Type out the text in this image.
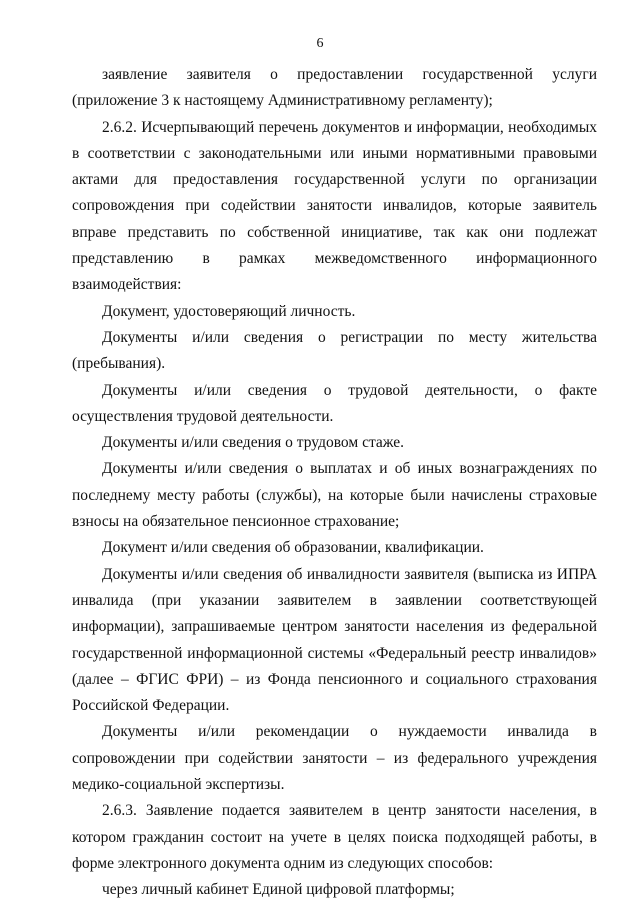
6

заявление заявителя о предоставлении государственной услуги (приложение 3 к настоящему Административному регламенту);

2.6.2. Исчерпывающий перечень документов и информации, необходимых в соответствии с законодательными или иными нормативными правовыми актами для предоставления государственной услуги по организации сопровождения при содействии занятости инвалидов, которые заявитель вправе представить по собственной инициативе, так как они подлежат представлению в рамках межведомственного информационного взаимодействия:

Документ, удостоверяющий личность.

Документы и/или сведения о регистрации по месту жительства (пребывания).

Документы и/или сведения о трудовой деятельности, о факте осуществления трудовой деятельности.

Документы и/или сведения о трудовом стаже.

Документы и/или сведения о выплатах и об иных вознаграждениях по последнему месту работы (службы), на которые были начислены страховые взносы на обязательное пенсионное страхование;

Документ и/или сведения об образовании, квалификации.

Документы и/или сведения об инвалидности заявителя (выписка из ИПРА инвалида (при указании заявителем в заявлении соответствующей информации), запрашиваемые центром занятости населения из федеральной государственной информационной системы «Федеральный реестр инвалидов» (далее – ФГИС ФРИ) – из Фонда пенсионного и социального страхования Российской Федерации.

Документы и/или рекомендации о нуждаемости инвалида в сопровождении при содействии занятости – из федерального учреждения медико-социальной экспертизы.

2.6.3. Заявление подается заявителем в центр занятости населения, в котором гражданин состоит на учете в целях поиска подходящей работы, в форме электронного документа одним из следующих способов:

через личный кабинет Единой цифровой платформы;
